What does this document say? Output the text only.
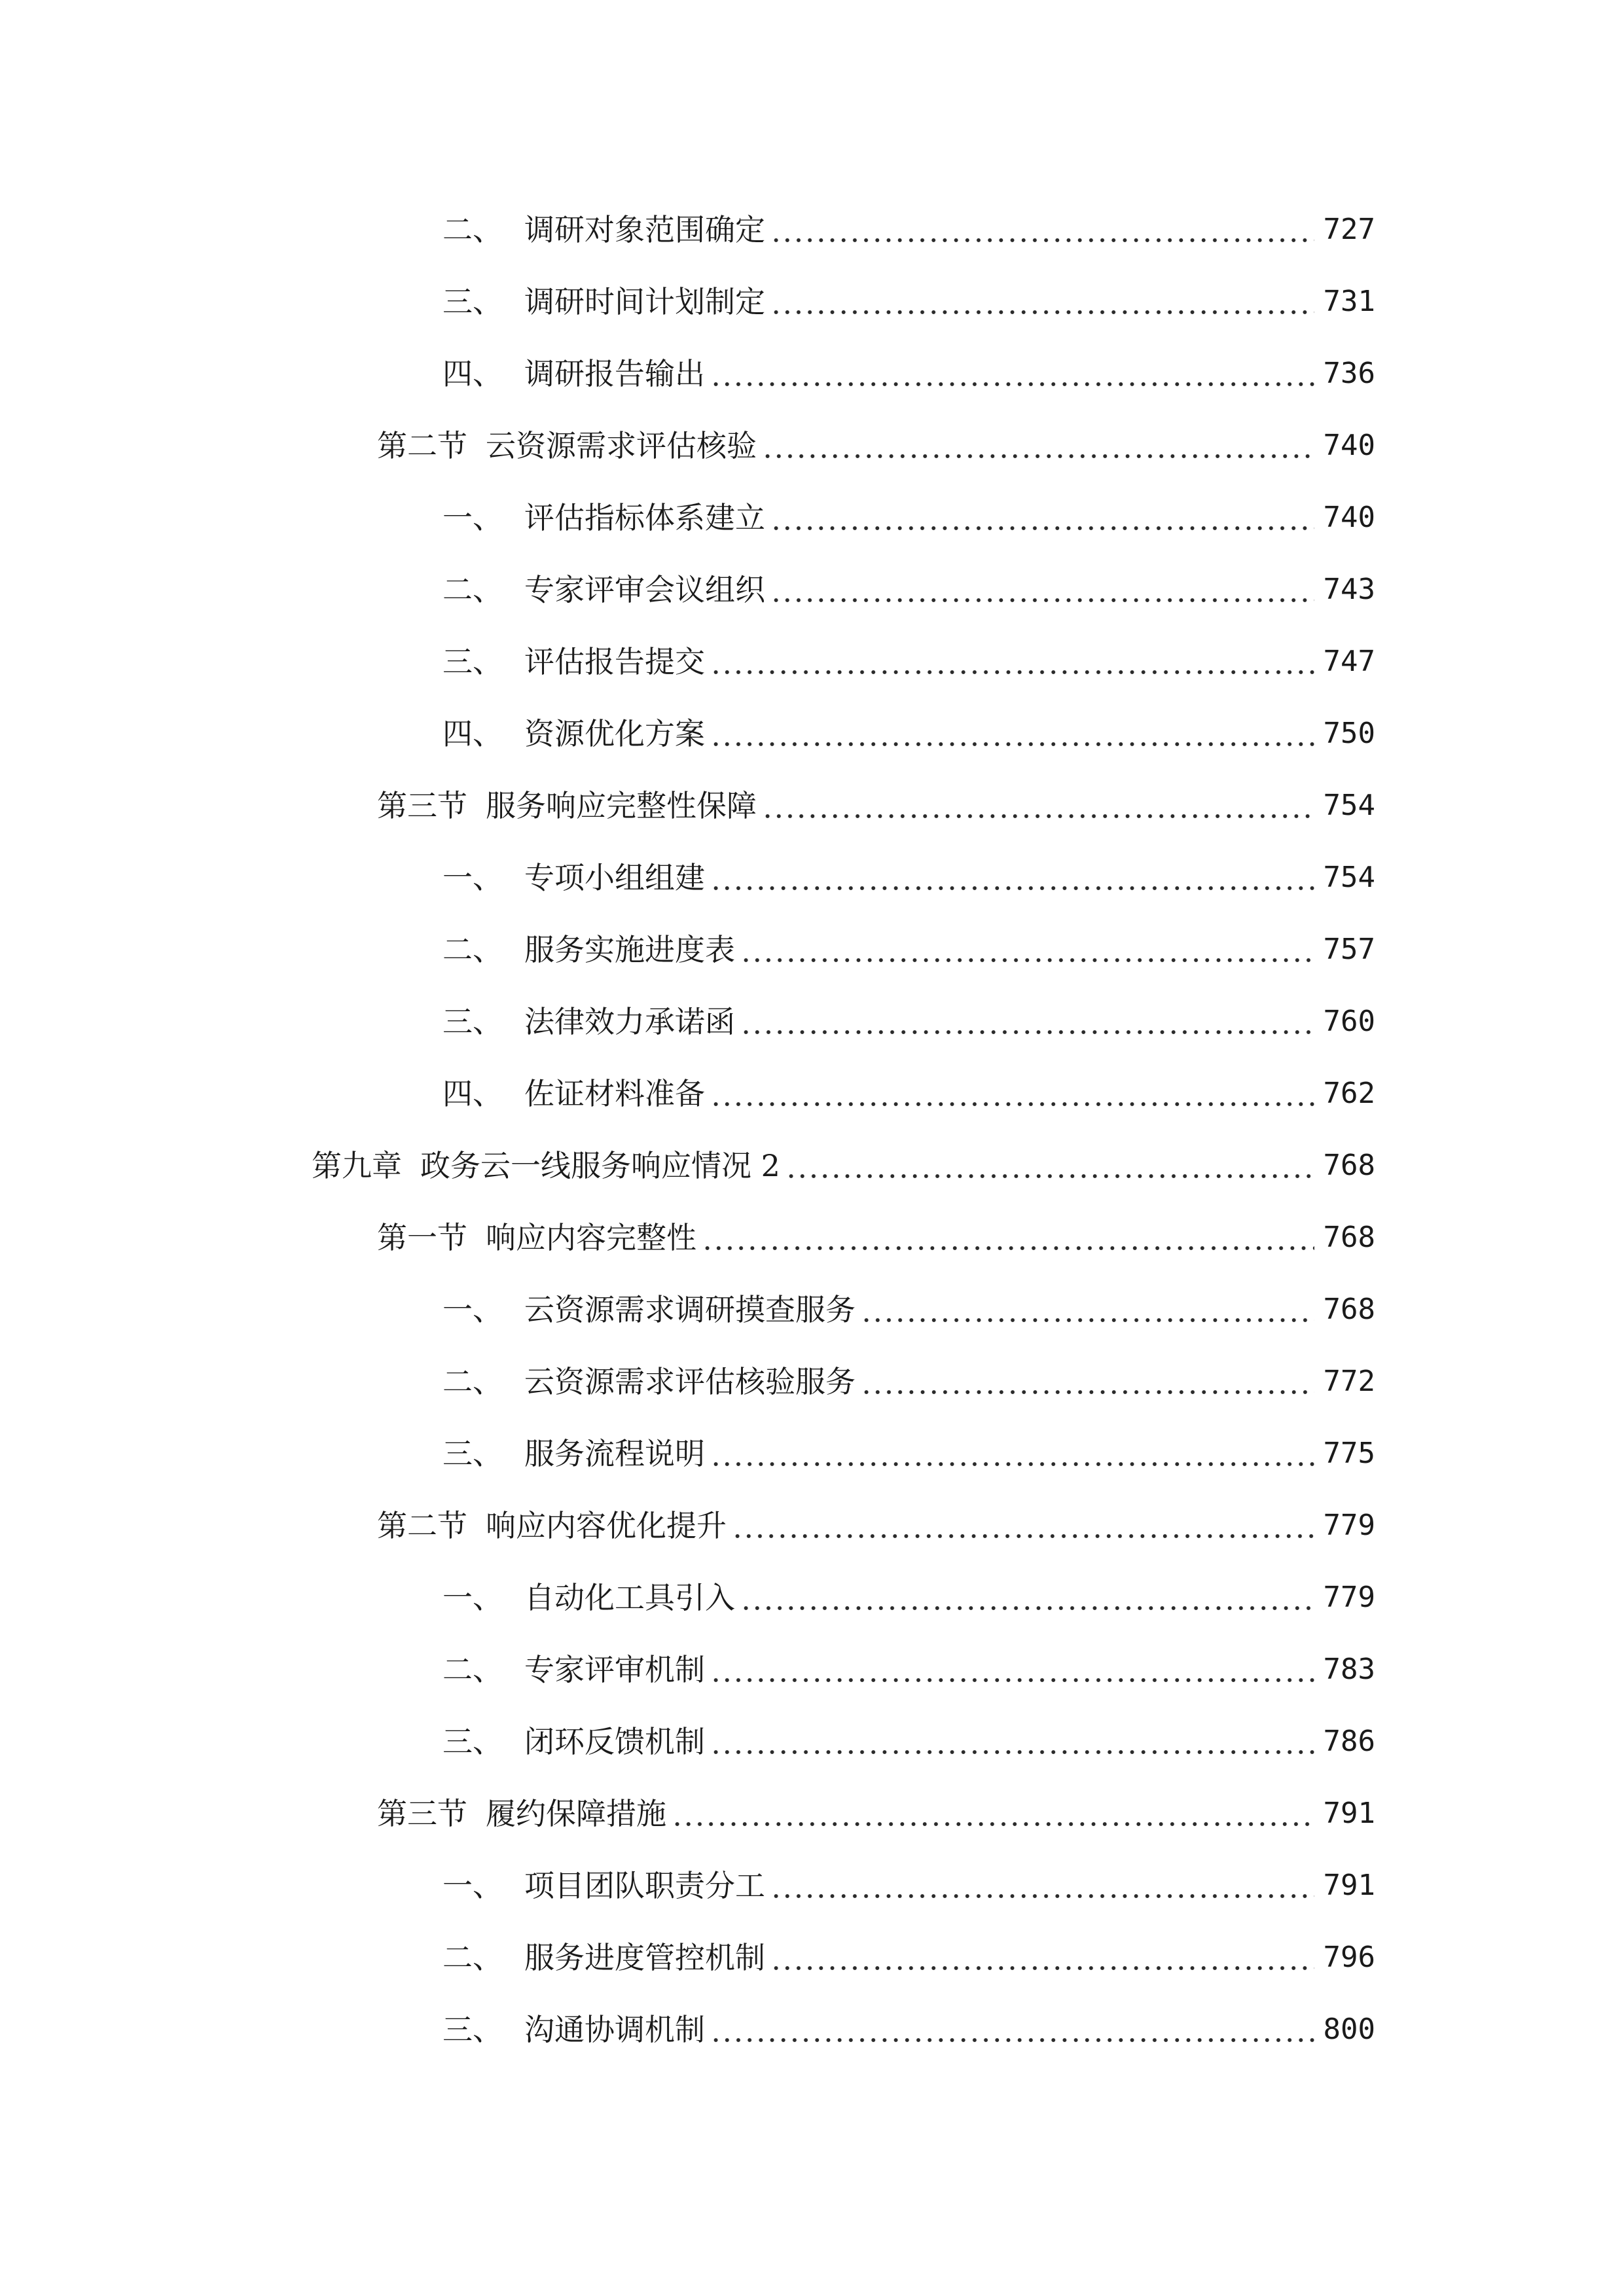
二、 调研对象范围确定	727
三、 调研时间计划制定	731
四、 调研报告输出	736
第二节 云资源需求评估核验	740
一、 评估指标体系建立	740
二、 专家评审会议组织	743
三、 评估报告提交	747
四、 资源优化方案	750
第三节 服务响应完整性保障	754
一、 专项小组组建	754
二、 服务实施进度表	757
三、 法律效力承诺函	760
四、 佐证材料准备	762
第九章 政务云一线服务响应情况 2	768
第一节 响应内容完整性	768
一、 云资源需求调研摸查服务	768
二、 云资源需求评估核验服务	772
三、 服务流程说明	775
第二节 响应内容优化提升	779
一、 自动化工具引入	779
二、 专家评审机制	783
三、 闭环反馈机制	786
第三节 履约保障措施	791
一、 项目团队职责分工	791
二、 服务进度管控机制	796
三、 沟通协调机制	800
